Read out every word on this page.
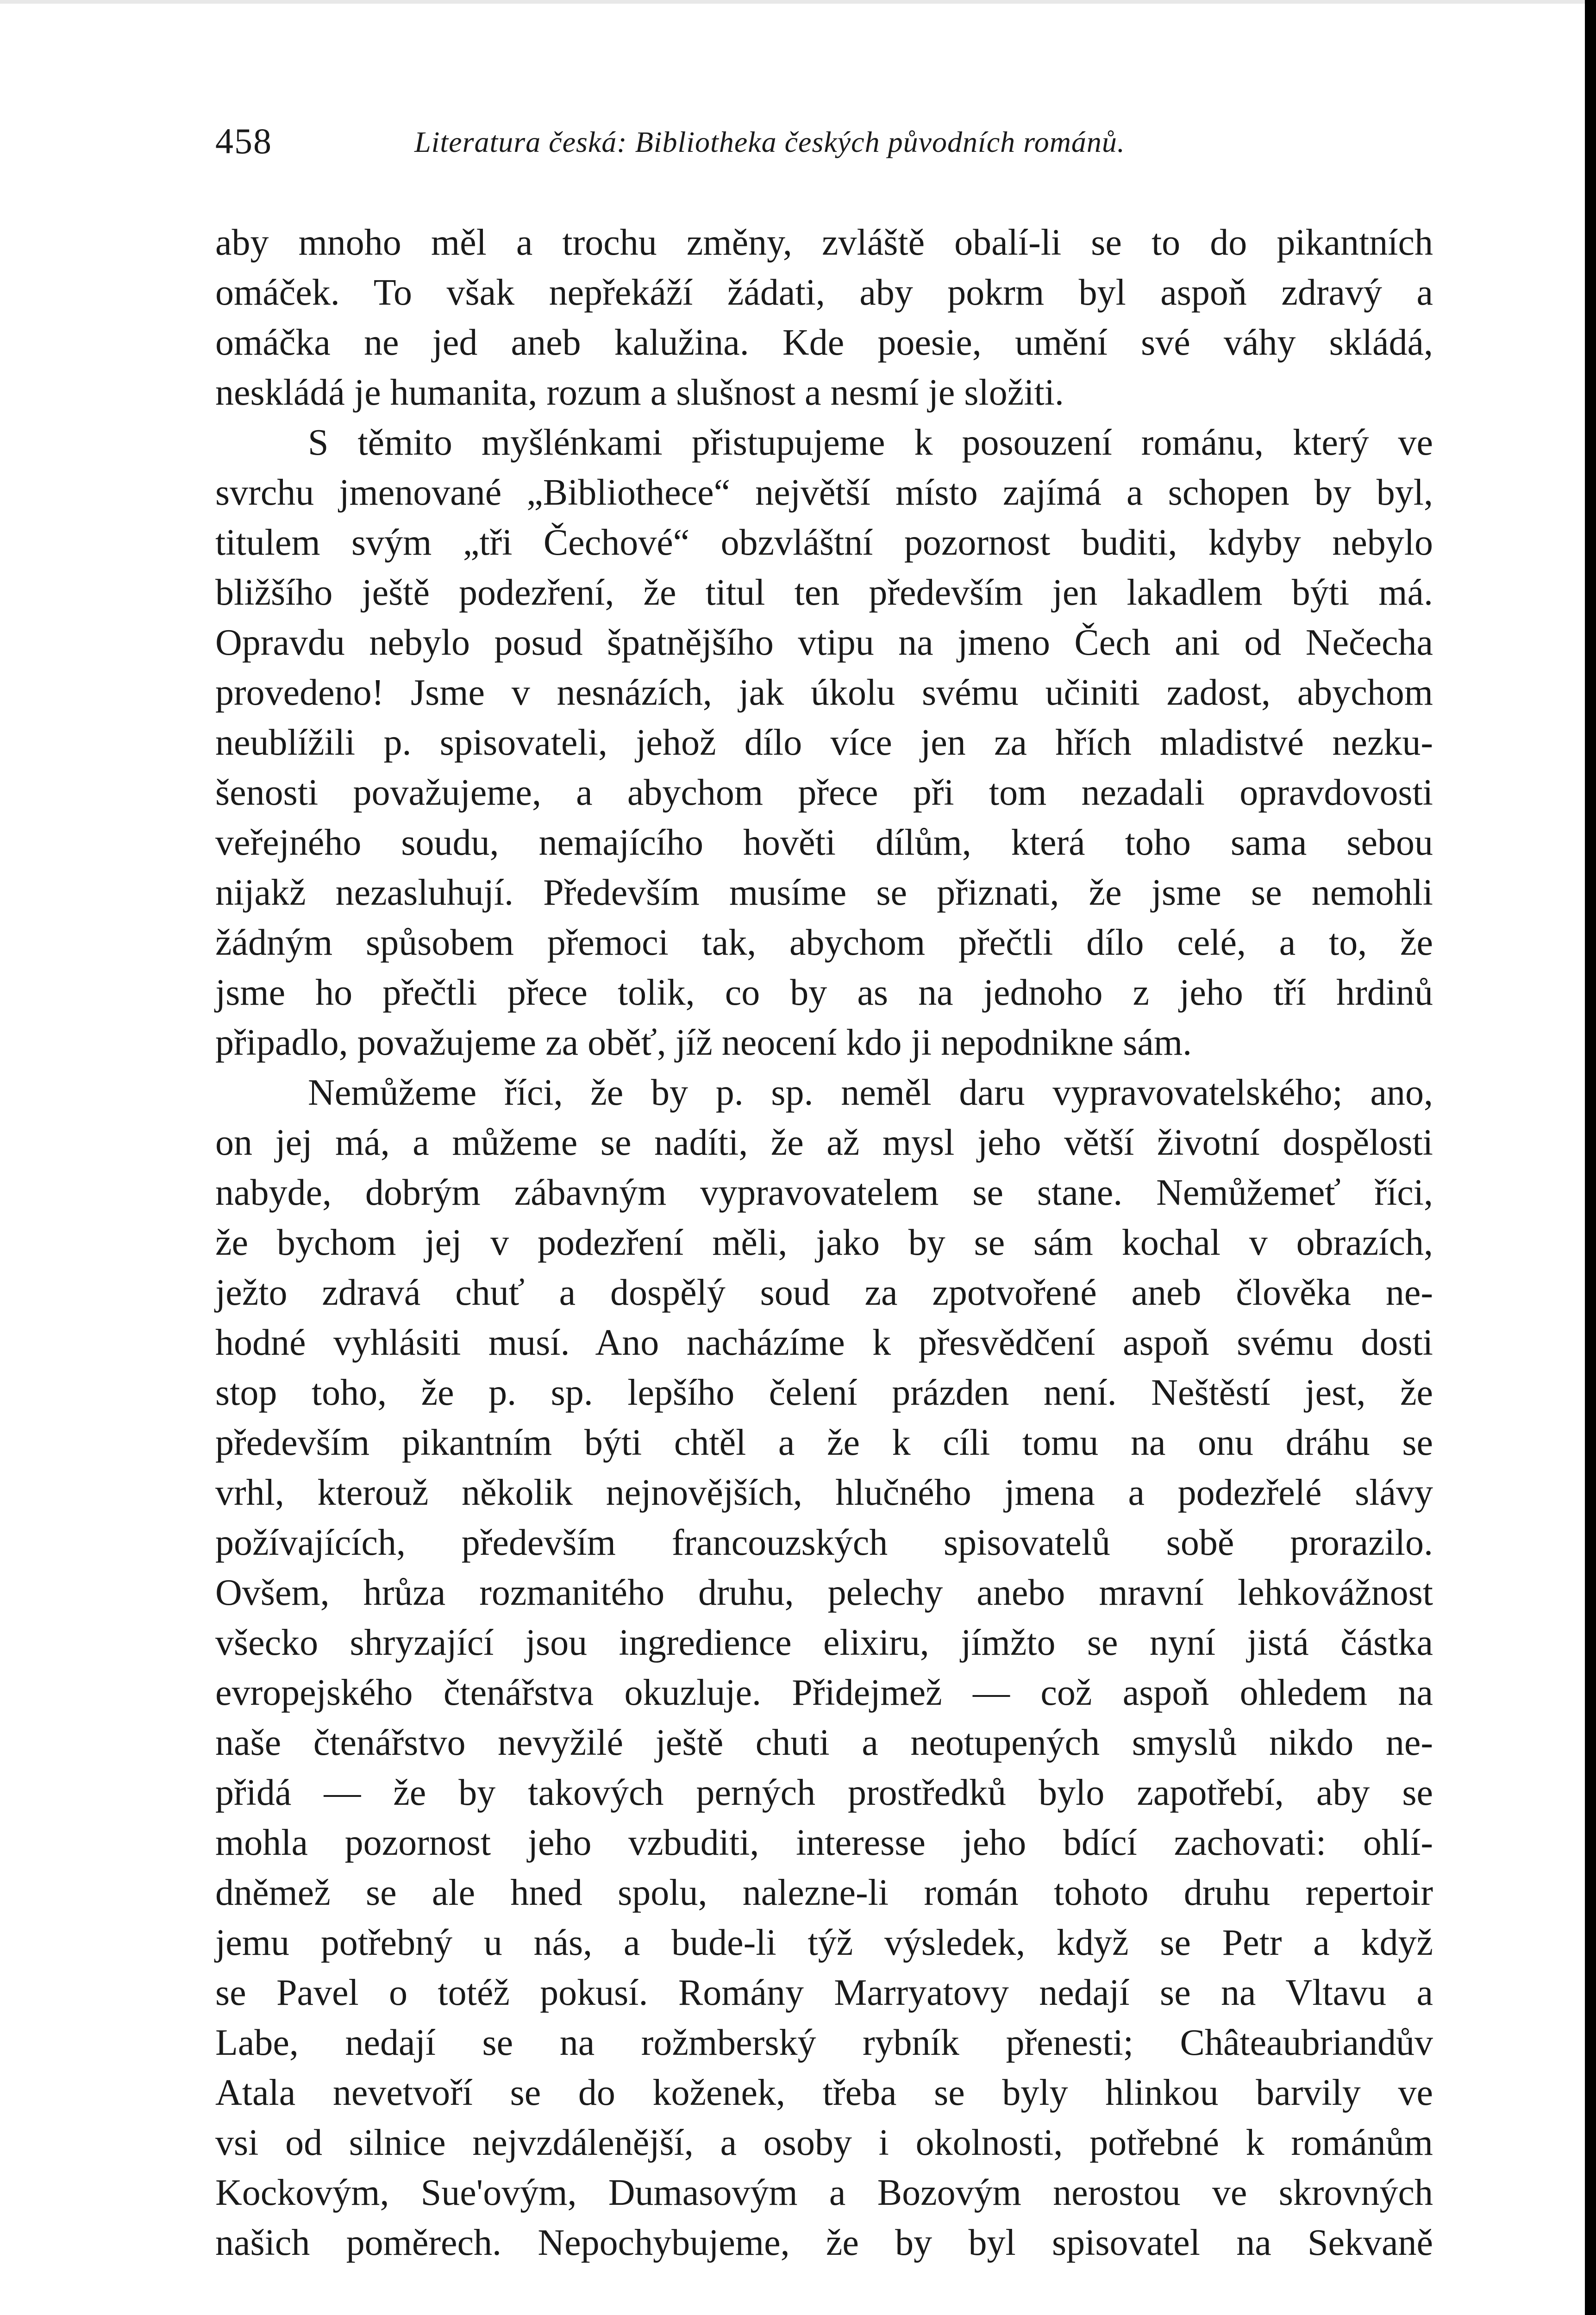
458	Literatura česká: Bibliotheka českých původních románů.
aby mnoho měl a trochu změny, zvláště obalí-li se to do pikantních
omáček. To však nepřekáží žádati, aby pokrm byl aspoň zdravý a
omáčka ne jed aneb kalužina. Kde poesie, umění své váhy skládá,
neskládá je humanita, rozum a slušnost a nesmí je složiti.
S těmito myšlénkami přistupujeme k posouzení románu, který ve
svrchu jmenované „Bibliothece“ největší místo zajímá a schopen by byl,
titulem svým „tři Čechové“ obzvláštní pozornost buditi, kdyby nebylo
bližšího ještě podezření, že titul ten především jen lakadlem býti má.
Opravdu nebylo posud špatnějšího vtipu na jmeno Čech ani od Nečecha
provedeno! Jsme v nesnázích, jak úkolu svému učiniti zadost, abychom
neublížili p. spisovateli, jehož dílo více jen za hřích mladistvé nezku-
šenosti považujeme, a abychom přece při tom nezadali opravdovosti
veřejného soudu, nemajícího hověti dílům, která toho sama sebou
nijakž nezasluhují. Především musíme se přiznati, že jsme se nemohli
žádným spůsobem přemoci tak, abychom přečtli dílo celé, a to, že
jsme ho přečtli přece tolik, co by as na jednoho z jeho tří hrdinů
připadlo, považujeme za oběť, jíž neocení kdo ji nepodnikne sám.
Nemůžeme říci, že by p. sp. neměl daru vypravovatelského; ano,
on jej má, a můžeme se nadíti, že až mysl jeho větší životní dospělosti
nabyde, dobrým zábavným vypravovatelem se stane. Nemůžemeť říci,
že bychom jej v podezření měli, jako by se sám kochal v obrazích,
ježto zdravá chuť a dospělý soud za zpotvořené aneb člověka ne-
hodné vyhlásiti musí. Ano nacházíme k přesvědčení aspoň svému dosti
stop toho, že p. sp. lepšího čelení prázden není. Neštěstí jest, že
především pikantním býti chtěl a že k cíli tomu na onu dráhu se
vrhl, kterouž několik nejnovějších, hlučného jmena a podezřelé slávy
požívajících, především francouzských spisovatelů sobě prorazilo.
Ovšem, hrůza rozmanitého druhu, pelechy anebo mravní lehkovážnost
všecko shryzající jsou ingredience elixiru, jímžto se nyní jistá částka
evropejského čtenářstva okuzluje. Přidejmež — což aspoň ohledem na
naše čtenářstvo nevyžilé ještě chuti a neotupených smyslů nikdo ne-
přidá — že by takových perných prostředků bylo zapotřebí, aby se
mohla pozornost jeho vzbuditi, interesse jeho bdící zachovati: ohlí-
dněmež se ale hned spolu, nalezne-li román tohoto druhu repertoir
jemu potřebný u nás, a bude-li týž výsledek, když se Petr a když
se Pavel o totéž pokusí. Romány Marryatovy nedají se na Vltavu a
Labe, nedají se na rožmberský rybník přenesti; Châteaubriandův
Atala nevetvoří se do koženek, třeba se byly hlinkou barvily ve
vsi od silnice nejvzdálenější, a osoby i okolnosti, potřebné k románům
Kockovým, Sue'ovým, Dumasovým a Bozovým nerostou ve skrovných
našich poměrech. Nepochybujeme, že by byl spisovatel na Sekvaně
